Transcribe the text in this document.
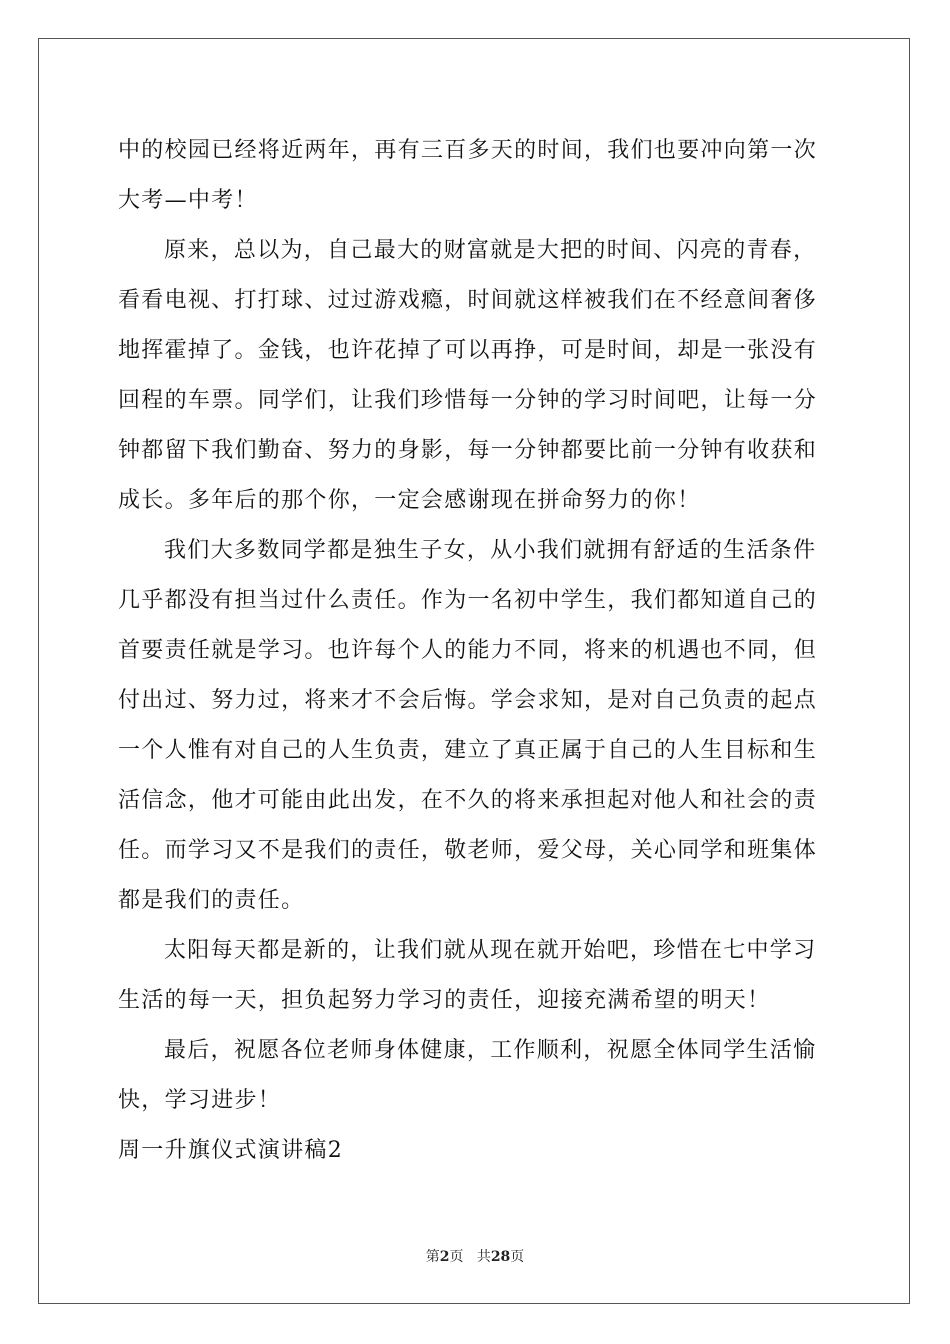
中的校园已经将近两年，再有三百多天的时间，我们也要冲向第一次
大考—中考！
原来，总以为，自己最大的财富就是大把的时间、闪亮的青春，
看看电视、打打球、过过游戏瘾，时间就这样被我们在不经意间奢侈
地挥霍掉了。金钱，也许花掉了可以再挣，可是时间，却是一张没有
回程的车票。同学们，让我们珍惜每一分钟的学习时间吧，让每一分
钟都留下我们勤奋、努力的身影，每一分钟都要比前一分钟有收获和
成长。多年后的那个你，一定会感谢现在拼命努力的你！
我们大多数同学都是独生子女，从小我们就拥有舒适的生活条件
几乎都没有担当过什么责任。作为一名初中学生，我们都知道自己的
首要责任就是学习。也许每个人的能力不同，将来的机遇也不同，但
付出过、努力过，将来才不会后悔。学会求知，是对自己负责的起点
一个人惟有对自己的人生负责，建立了真正属于自己的人生目标和生
活信念，他才可能由此出发，在不久的将来承担起对他人和社会的责
任。而学习又不是我们的责任，敬老师，爱父母，关心同学和班集体
都是我们的责任。
太阳每天都是新的，让我们就从现在就开始吧，珍惜在七中学习
生活的每一天，担负起努力学习的责任，迎接充满希望的明天！
最后，祝愿各位老师身体健康，工作顺利，祝愿全体同学生活愉
快，学习进步！
周一升旗仪式演讲稿2
第2页 共28页
